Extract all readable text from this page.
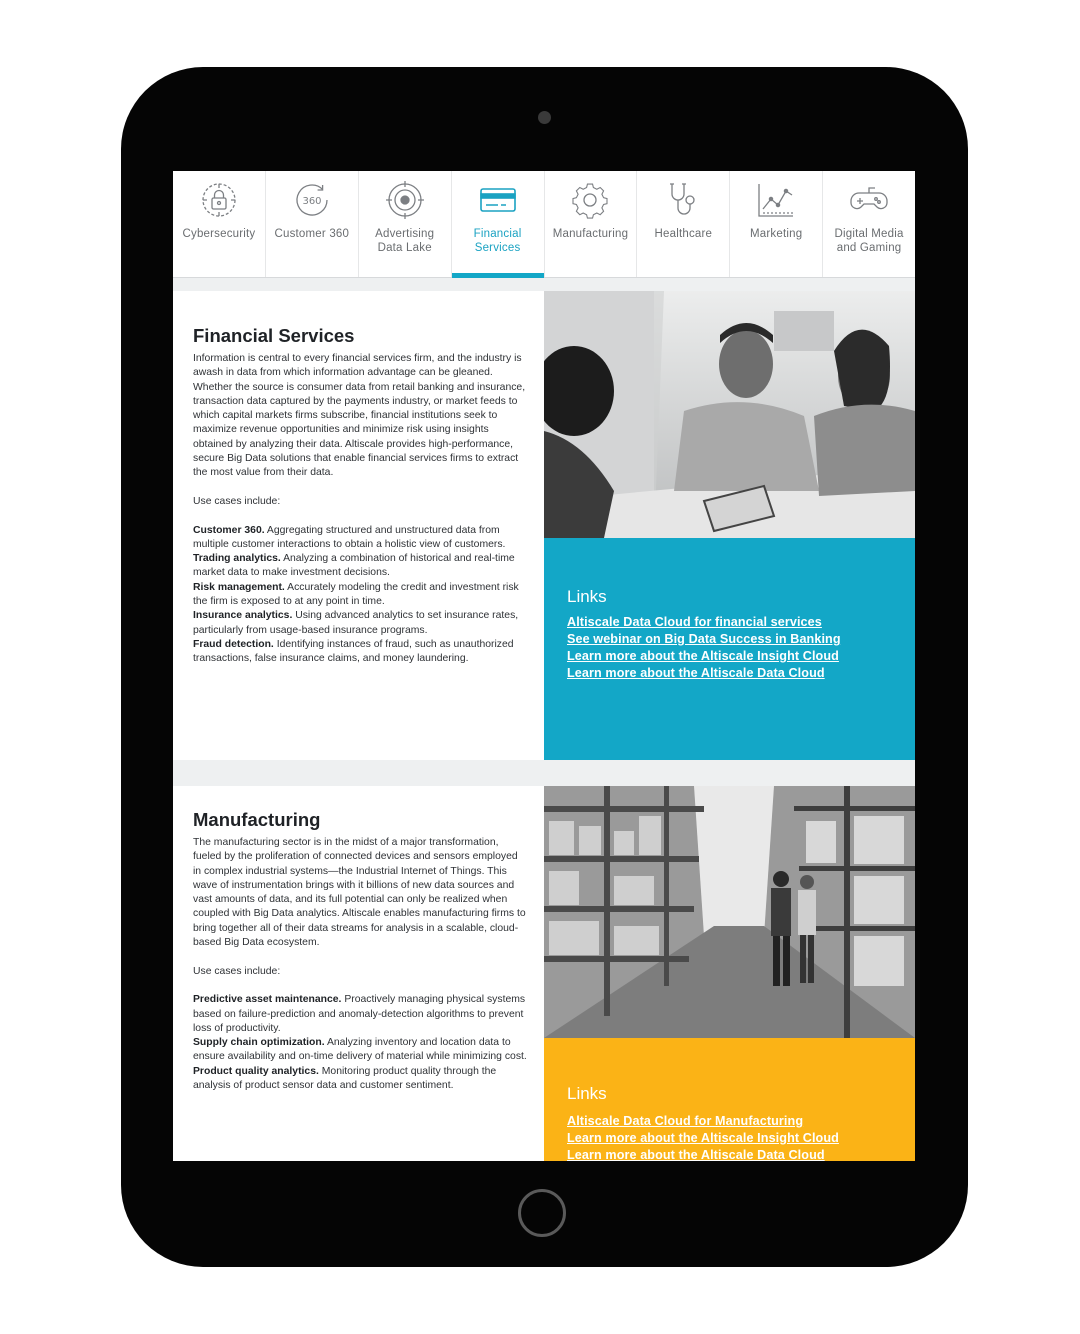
Cybersecurity
360
Customer 360	Advertising Data Lake
Financial Services
Manufacturing	Healthcare	Marketing	Digital Media and Gaming
Financial Services

Information is central to every financial services firm, and the industry is awash in data from which information advantage can be gleaned. Whether the source is consumer data from retail banking and insurance, transaction data captured by the payments industry, or market feeds to which capital markets firms subscribe, financial institutions seek to maximize revenue opportunities and minimize risk using insights obtained by analyzing their data. Altiscale provides high-performance, secure Big Data solutions that enable financial services firms to extract the most value from their data.

Use cases include:

Customer 360. Aggregating structured and unstructured data from multiple customer interactions to obtain a holistic view of customers.

Trading analytics. Analyzing a combination of historical and real-time market data to make investment decisions.

Risk management. Accurately modeling the credit and investment risk the firm is exposed to at any point in time.

Insurance analytics. Using advanced analytics to set insurance rates, particularly from usage-based insurance programs.

Fraud detection. Identifying instances of fraud, such as unauthorized transactions, false insurance claims, and money laundering.

Links
Altiscale Data Cloud for financial services
See webinar on Big Data Success in Banking
Learn more about the Altiscale Insight Cloud
Learn more about the Altiscale Data Cloud
Manufacturing

The manufacturing sector is in the midst of a major transformation, fueled by the proliferation of connected devices and sensors employed in complex industrial systems—the Industrial Internet of Things. This wave of instrumentation brings with it billions of new data sources and vast amounts of data, and its full potential can only be realized when coupled with Big Data analytics. Altiscale enables manufacturing firms to bring together all of their data streams for analysis in a scalable, cloud-based Big Data ecosystem.

Use cases include:

Predictive asset maintenance. Proactively managing physical systems based on failure-prediction and anomaly-detection algorithms to prevent loss of productivity.

Supply chain optimization. Analyzing inventory and location data to ensure availability and on-time delivery of material while minimizing cost.

Product quality analytics. Monitoring product quality through the analysis of product sensor data and customer sentiment.	Links
Altiscale Data Cloud for Manufacturing
Learn more about the Altiscale Insight Cloud
Learn more about the Altiscale Data Cloud
